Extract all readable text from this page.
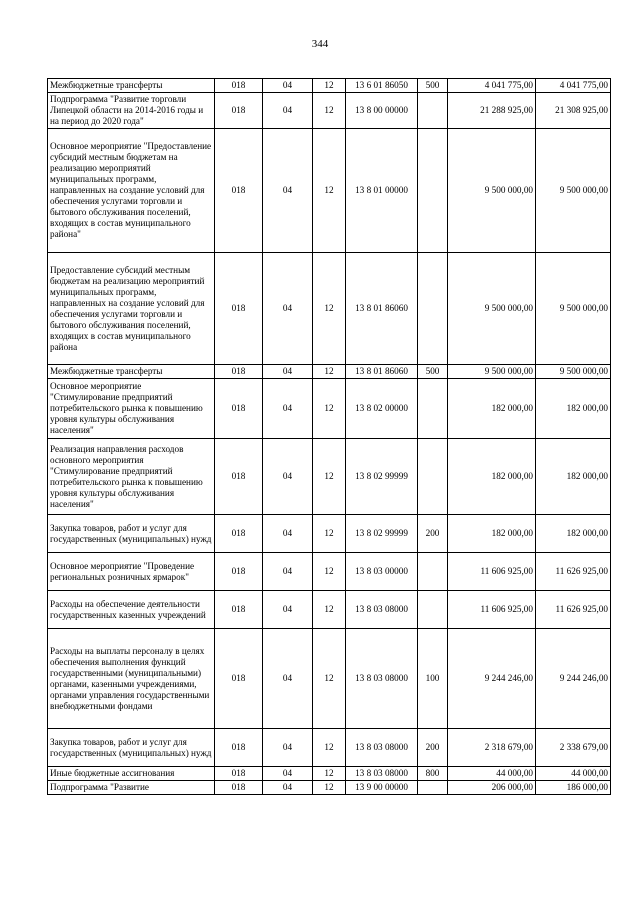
344
Межбюджетные трансферты	018	04	12	13 6 01 86050	500	4 041 775,00	4 041 775,00
Подпрограмма "Развитие торговли Липецкой области на 2014-2016 годы и на период до 2020 года"	018	04	12	13 8 00 00000		21 288 925,00	21 308 925,00
Основное мероприятие "Предоставление субсидий местным бюджетам на реализацию мероприятий муниципальных программ, направленных на создание условий для обеспечения услугами торговли и бытового обслуживания поселений, входящих в состав муниципального района"	018	04	12	13 8 01 00000		9 500 000,00	9 500 000,00
Предоставление субсидий местным бюджетам на реализацию мероприятий муниципальных программ, направленных на создание условий для обеспечения услугами торговли и бытового обслуживания поселений, входящих в состав муниципального района	018	04	12	13 8 01 86060		9 500 000,00	9 500 000,00
Межбюджетные трансферты	018	04	12	13 8 01 86060	500	9 500 000,00	9 500 000,00
Основное мероприятие "Стимулирование предприятий потребительского рынка к повышению уровня культуры обслуживания населения"	018	04	12	13 8 02 00000		182 000,00	182 000,00
Реализация направления расходов основного мероприятия "Стимулирование предприятий потребительского рынка к повышению уровня культуры обслуживания населения"	018	04	12	13 8 02 99999		182 000,00	182 000,00
Закупка товаров, работ и услуг для государственных (муниципальных) нужд	018	04	12	13 8 02 99999	200	182 000,00	182 000,00
Основное мероприятие "Проведение региональных розничных ярмарок"	018	04	12	13 8 03 00000		11 606 925,00	11 626 925,00
Расходы на обеспечение деятельности государственных казенных учреждений	018	04	12	13 8 03 08000		11 606 925,00	11 626 925,00
Расходы на выплаты персоналу в целях обеспечения выполнения функций государственными (муниципальными) органами, казенными учреждениями, органами управления государственными внебюджетными фондами	018	04	12	13 8 03 08000	100	9 244 246,00	9 244 246,00
Закупка товаров, работ и услуг для государственных (муниципальных) нужд	018	04	12	13 8 03 08000	200	2 318 679,00	2 338 679,00
Иные бюджетные ассигнования	018	04	12	13 8 03 08000	800	44 000,00	44 000,00
Подпрограмма "Развитие	018	04	12	13 9 00 00000		206 000,00	186 000,00
